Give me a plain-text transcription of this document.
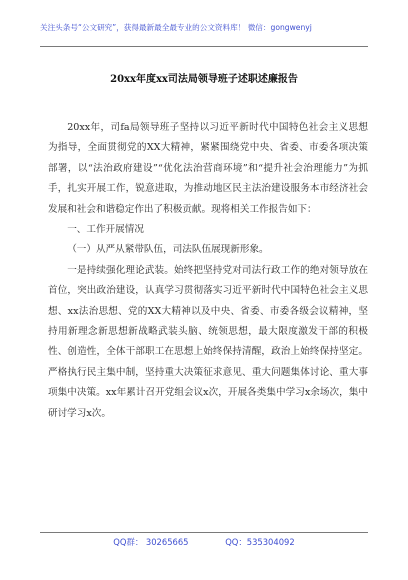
关注头条号“公文研究”，获得最新最全最专业的公文资料库！ 微信：gongwenyj
20xx年度xx司法局领导班子述职述廉报告

20xx年，司fa局领导班子坚持以习近平新时代中国特色社会主义思想为指导，全面贯彻党的XX大精神，紧紧围绕党中央、省委、市委各项决策部署，以“法治政府建设”“优化法治营商环境”和“提升社会治理能力”为抓手，扎实开展工作，锐意进取，为推动地区民主法治建设服务本市经济社会发展和社会和谐稳定作出了积极贡献。现将相关工作报告如下：

一、工作开展情况

（一）从严从紧带队伍，司法队伍展现新形象。

一是持续强化理论武装。始终把坚持党对司法行政工作的绝对领导放在首位，突出政治建设，认真学习贯彻落实习近平新时代中国特色社会主义思想、xx法治思想、党的XX大精神以及中央、省委、市委各级会议精神，坚持用新理念新思想新战略武装头脑、统领思想，最大限度激发干部的积极性、创造性，全体干部职工在思想上始终保持清醒，政治上始终保持坚定。严格执行民主集中制，坚持重大决策征求意见、重大问题集体讨论、重大事项集中决策。xx年累计召开党组会议x次，开展各类集中学习x余场次，集中研讨学习x次。

QQ群： 30265665	QQ：535304092
